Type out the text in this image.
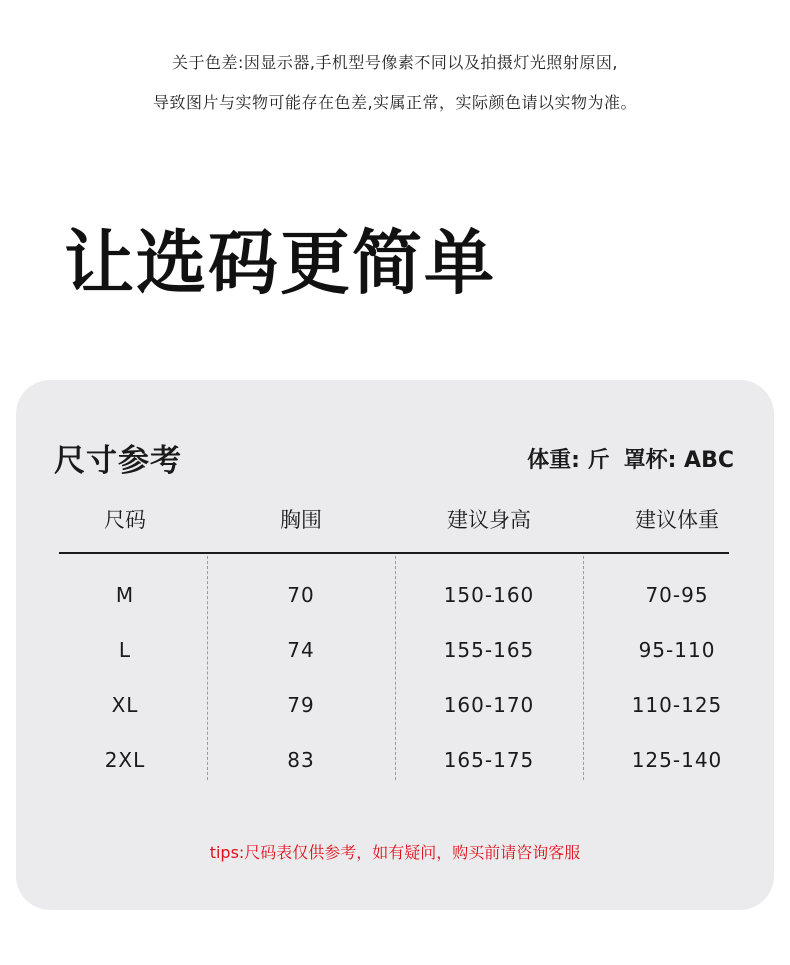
关于色差:因显示器,手机型号像素不同以及拍摄灯光照射原因,
导致图片与实物可能存在色差,实属正常，实际颜色请以实物为准。
让选码更简单
尺寸参考	体重: 斤 罩杯: ABC
尺码	胸围	建议身高	建议体重
M	70	150-160	70-95
L	74	155-165	95-110
XL	79	160-170	110-125
2XL	83	165-175	125-140
tips:尺码表仅供参考，如有疑问，购买前请咨询客服
